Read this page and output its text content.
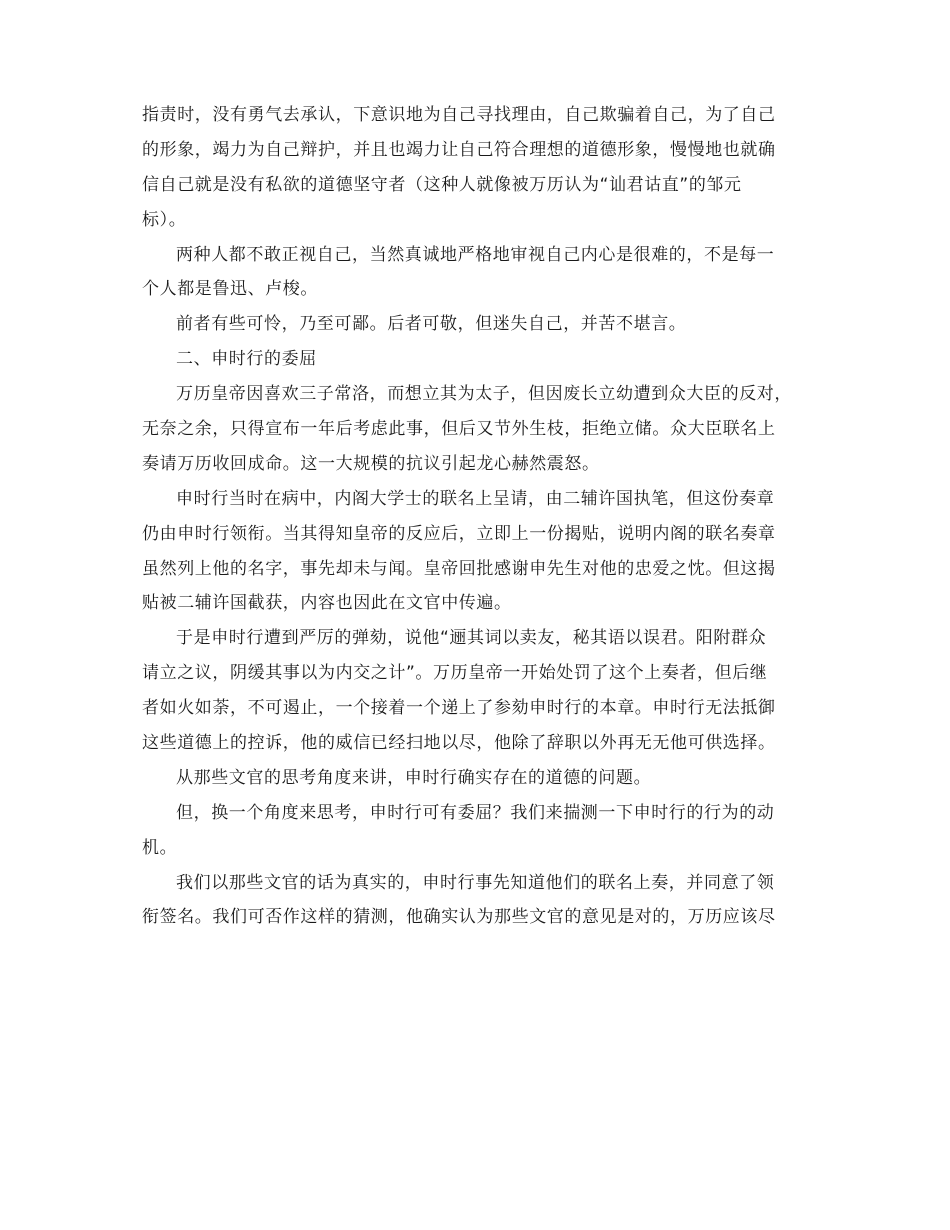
指责时，没有勇气去承认，下意识地为自己寻找理由，自己欺骗着自己，为了自己
的形象，竭力为自己辩护，并且也竭力让自己符合理想的道德形象，慢慢地也就确
信自己就是没有私欲的道德坚守者（这种人就像被万历认为“讪君诂直”的邹元
标）。
两种人都不敢正视自己，当然真诚地严格地审视自己内心是很难的，不是每一
个人都是鲁迅、卢梭。
前者有些可怜，乃至可鄙。后者可敬，但迷失自己，并苦不堪言。
二、申时行的委屈
万历皇帝因喜欢三子常洛，而想立其为太子，但因废长立幼遭到众大臣的反对，
无奈之余，只得宣布一年后考虑此事，但后又节外生枝，拒绝立储。众大臣联名上
奏请万历收回成命。这一大规模的抗议引起龙心赫然震怒。
申时行当时在病中，内阁大学士的联名上呈请，由二辅许国执笔，但这份奏章
仍由申时行领衔。当其得知皇帝的反应后，立即上一份揭贴，说明内阁的联名奏章
虽然列上他的名字，事先却未与闻。皇帝回批感谢申先生对他的忠爱之忱。但这揭
贴被二辅许国截获，内容也因此在文官中传遍。
于是申时行遭到严厉的弹劾，说他“逦其词以卖友，秘其语以误君。阳附群众
请立之议，阴缓其事以为内交之计”。万历皇帝一开始处罚了这个上奏者，但后继
者如火如荼，不可遏止，一个接着一个递上了参劾申时行的本章。申时行无法抵御
这些道德上的控诉，他的威信已经扫地以尽，他除了辞职以外再无无他可供选择。
从那些文官的思考角度来讲，申时行确实存在的道德的问题。
但，换一个角度来思考，申时行可有委屈？我们来揣测一下申时行的行为的动
机。
我们以那些文官的话为真实的，申时行事先知道他们的联名上奏，并同意了领
衔签名。我们可否作这样的猜测，他确实认为那些文官的意见是对的，万历应该尽
